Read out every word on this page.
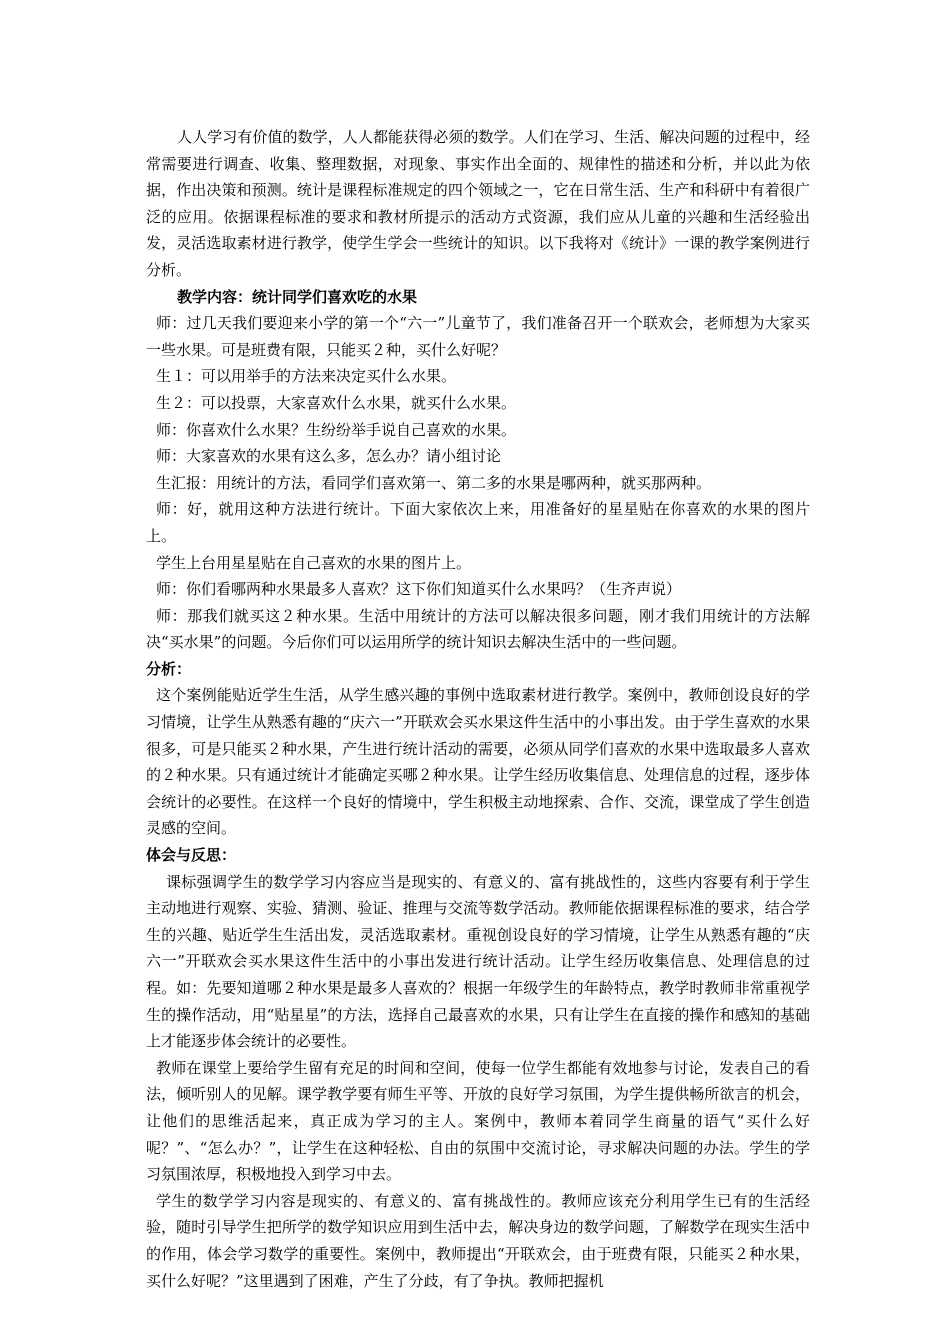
人人学习有价值的数学，人人都能获得必须的数学。人们在学习、生活、解决问题的过程中，经常需要进行调查、收集、整理数据，对现象、事实作出全面的、规律性的描述和分析，并以此为依据，作出决策和预测。统计是课程标准规定的四个领域之一，它在日常生活、生产和科研中有着很广泛的应用。依据课程标准的要求和教材所提示的活动方式资源，我们应从儿童的兴趣和生活经验出发，灵活选取素材进行教学，使学生学会一些统计的知识。以下我将对《统计》一课的教学案例进行分析。

教学内容：统计同学们喜欢吃的水果

师：过几天我们要迎来小学的第一个“六一”儿童节了，我们准备召开一个联欢会，老师想为大家买一些水果。可是班费有限，只能买２种，买什么好呢？

生１：可以用举手的方法来决定买什么水果。

生２：可以投票，大家喜欢什么水果，就买什么水果。

师：你喜欢什么水果？生纷纷举手说自己喜欢的水果。

师：大家喜欢的水果有这么多，怎么办？请小组讨论

生汇报：用统计的方法，看同学们喜欢第一、第二多的水果是哪两种，就买那两种。

师：好，就用这种方法进行统计。下面大家依次上来，用准备好的星星贴在你喜欢的水果的图片上。

学生上台用星星贴在自己喜欢的水果的图片上。

师：你们看哪两种水果最多人喜欢？这下你们知道买什么水果吗？（生齐声说）

师：那我们就买这２种水果。生活中用统计的方法可以解决很多问题，刚才我们用统计的方法解决“买水果”的问题。今后你们可以运用所学的统计知识去解决生活中的一些问题。

分析：

这个案例能贴近学生生活，从学生感兴趣的事例中选取素材进行教学。案例中，教师创设良好的学习情境，让学生从熟悉有趣的“庆六一”开联欢会买水果这件生活中的小事出发。由于学生喜欢的水果很多，可是只能买２种水果，产生进行统计活动的需要，必须从同学们喜欢的水果中选取最多人喜欢的２种水果。只有通过统计才能确定买哪２种水果。让学生经历收集信息、处理信息的过程，逐步体会统计的必要性。在这样一个良好的情境中，学生积极主动地探索、合作、交流，课堂成了学生创造灵感的空间。

体会与反思：

课标强调学生的数学学习内容应当是现实的、有意义的、富有挑战性的，这些内容要有利于学生主动地进行观察、实验、猜测、验证、推理与交流等数学活动。教师能依据课程标准的要求，结合学生的兴趣、贴近学生生活出发，灵活选取素材。重视创设良好的学习情境，让学生从熟悉有趣的“庆六一”开联欢会买水果这件生活中的小事出发进行统计活动。让学生经历收集信息、处理信息的过程。如：先要知道哪２种水果是最多人喜欢的？根据一年级学生的年龄特点，教学时教师非常重视学生的操作活动，用“贴星星”的方法，选择自己最喜欢的水果，只有让学生在直接的操作和感知的基础上才能逐步体会统计的必要性。

教师在课堂上要给学生留有充足的时间和空间，使每一位学生都能有效地参与讨论，发表自己的看法，倾听别人的见解。课学教学要有师生平等、开放的良好学习氛围，为学生提供畅所欲言的机会，让他们的思维活起来，真正成为学习的主人。案例中，教师本着同学生商量的语气“买什么好呢？”、“怎么办？”，让学生在这种轻松、自由的氛围中交流讨论，寻求解决问题的办法。学生的学习氛围浓厚，积极地投入到学习中去。

学生的数学学习内容是现实的、有意义的、富有挑战性的。教师应该充分利用学生已有的生活经验，随时引导学生把所学的数学知识应用到生活中去，解决身边的数学问题，了解数学在现实生活中的作用，体会学习数学的重要性。案例中，教师提出“开联欢会，由于班费有限，只能买２种水果，买什么好呢？”这里遇到了困难，产生了分歧，有了争执。教师把握机
